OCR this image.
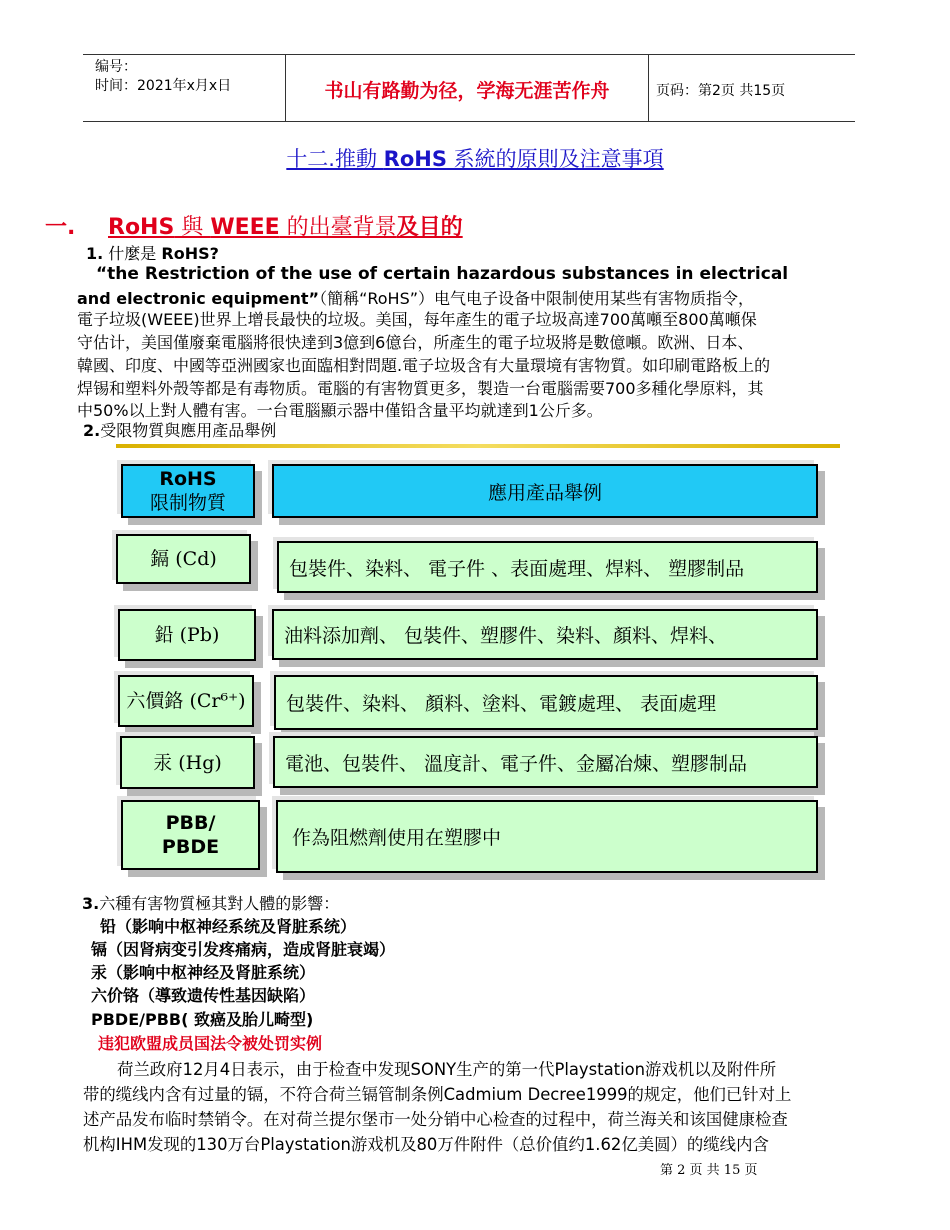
编号：
时间：2021年x月x日	书山有路勤为径，学海无涯苦作舟	页码：第2页 共15页
十二.推動 RoHS 系統的原則及注意事項
一. RoHS 與 WEEE 的出臺背景及目的
1. 什麼是 RoHS?
“the Restriction of the use of certain hazardous substances in electrical
and electronic equipment”（簡稱“RoHS”）电气电子设备中限制使用某些有害物质指令，
電子垃圾(WEEE)世界上增長最快的垃圾。美国，每年產生的電子垃圾高達700萬噸至800萬噸保
守估计，美国僅廢棄電腦將很快達到3億到6億台，所產生的電子垃圾將是數億噸。欧洲、日本、
韓國、印度、中國等亞洲國家也面臨相對問題.電子垃圾含有大量環境有害物質。如印刷電路板上的
焊锡和塑料外殼等都是有毒物质。電腦的有害物質更多，製造一台電腦需要700多種化學原料，其
中50%以上對人體有害。一台電腦顯示器中僅铅含量平均就達到1公斤多。
2.受限物質與應用產品舉例
RoHS
限制物質	應用產品舉例
鎘 (Cd)	包裝件、染料、 電子件 、表面處理、焊料、 塑膠制品
鉛 (Pb)	油料添加劑、 包裝件、塑膠件、染料、顏料、焊料、
六價鉻 (Cr⁶⁺)	包裝件、染料、 顏料、塗料、電鍍處理、 表面處理
汞 (Hg)	電池、包裝件、 溫度計、電子件、金屬冶煉、塑膠制品
PBB/
PBDE	作為阻燃劑使用在塑膠中
3.六種有害物質極其對人體的影響：
铅（影响中枢神经系统及肾脏系统）
镉（因肾病变引发疼痛病，造成肾脏衰竭）
汞（影响中枢神经及肾脏系统）
六价铬（導致遗传性基因缺陷）
PBDE/PBB( 致癌及胎儿畸型)
违犯欧盟成员国法令被处罚实例
荷兰政府12月4日表示，由于检查中发现SONY生产的第一代Playstation游戏机以及附件所
带的缆线内含有过量的镉，不符合荷兰镉管制条例Cadmium Decree1999的规定，他们已针对上
述产品发布临时禁销令。在对荷兰提尔堡市一处分销中心检查的过程中，荷兰海关和该国健康检查
机构IHM发现的130万台Playstation游戏机及80万件附件（总价值约1.62亿美圆）的缆线内含
第 2 页 共 15 页
